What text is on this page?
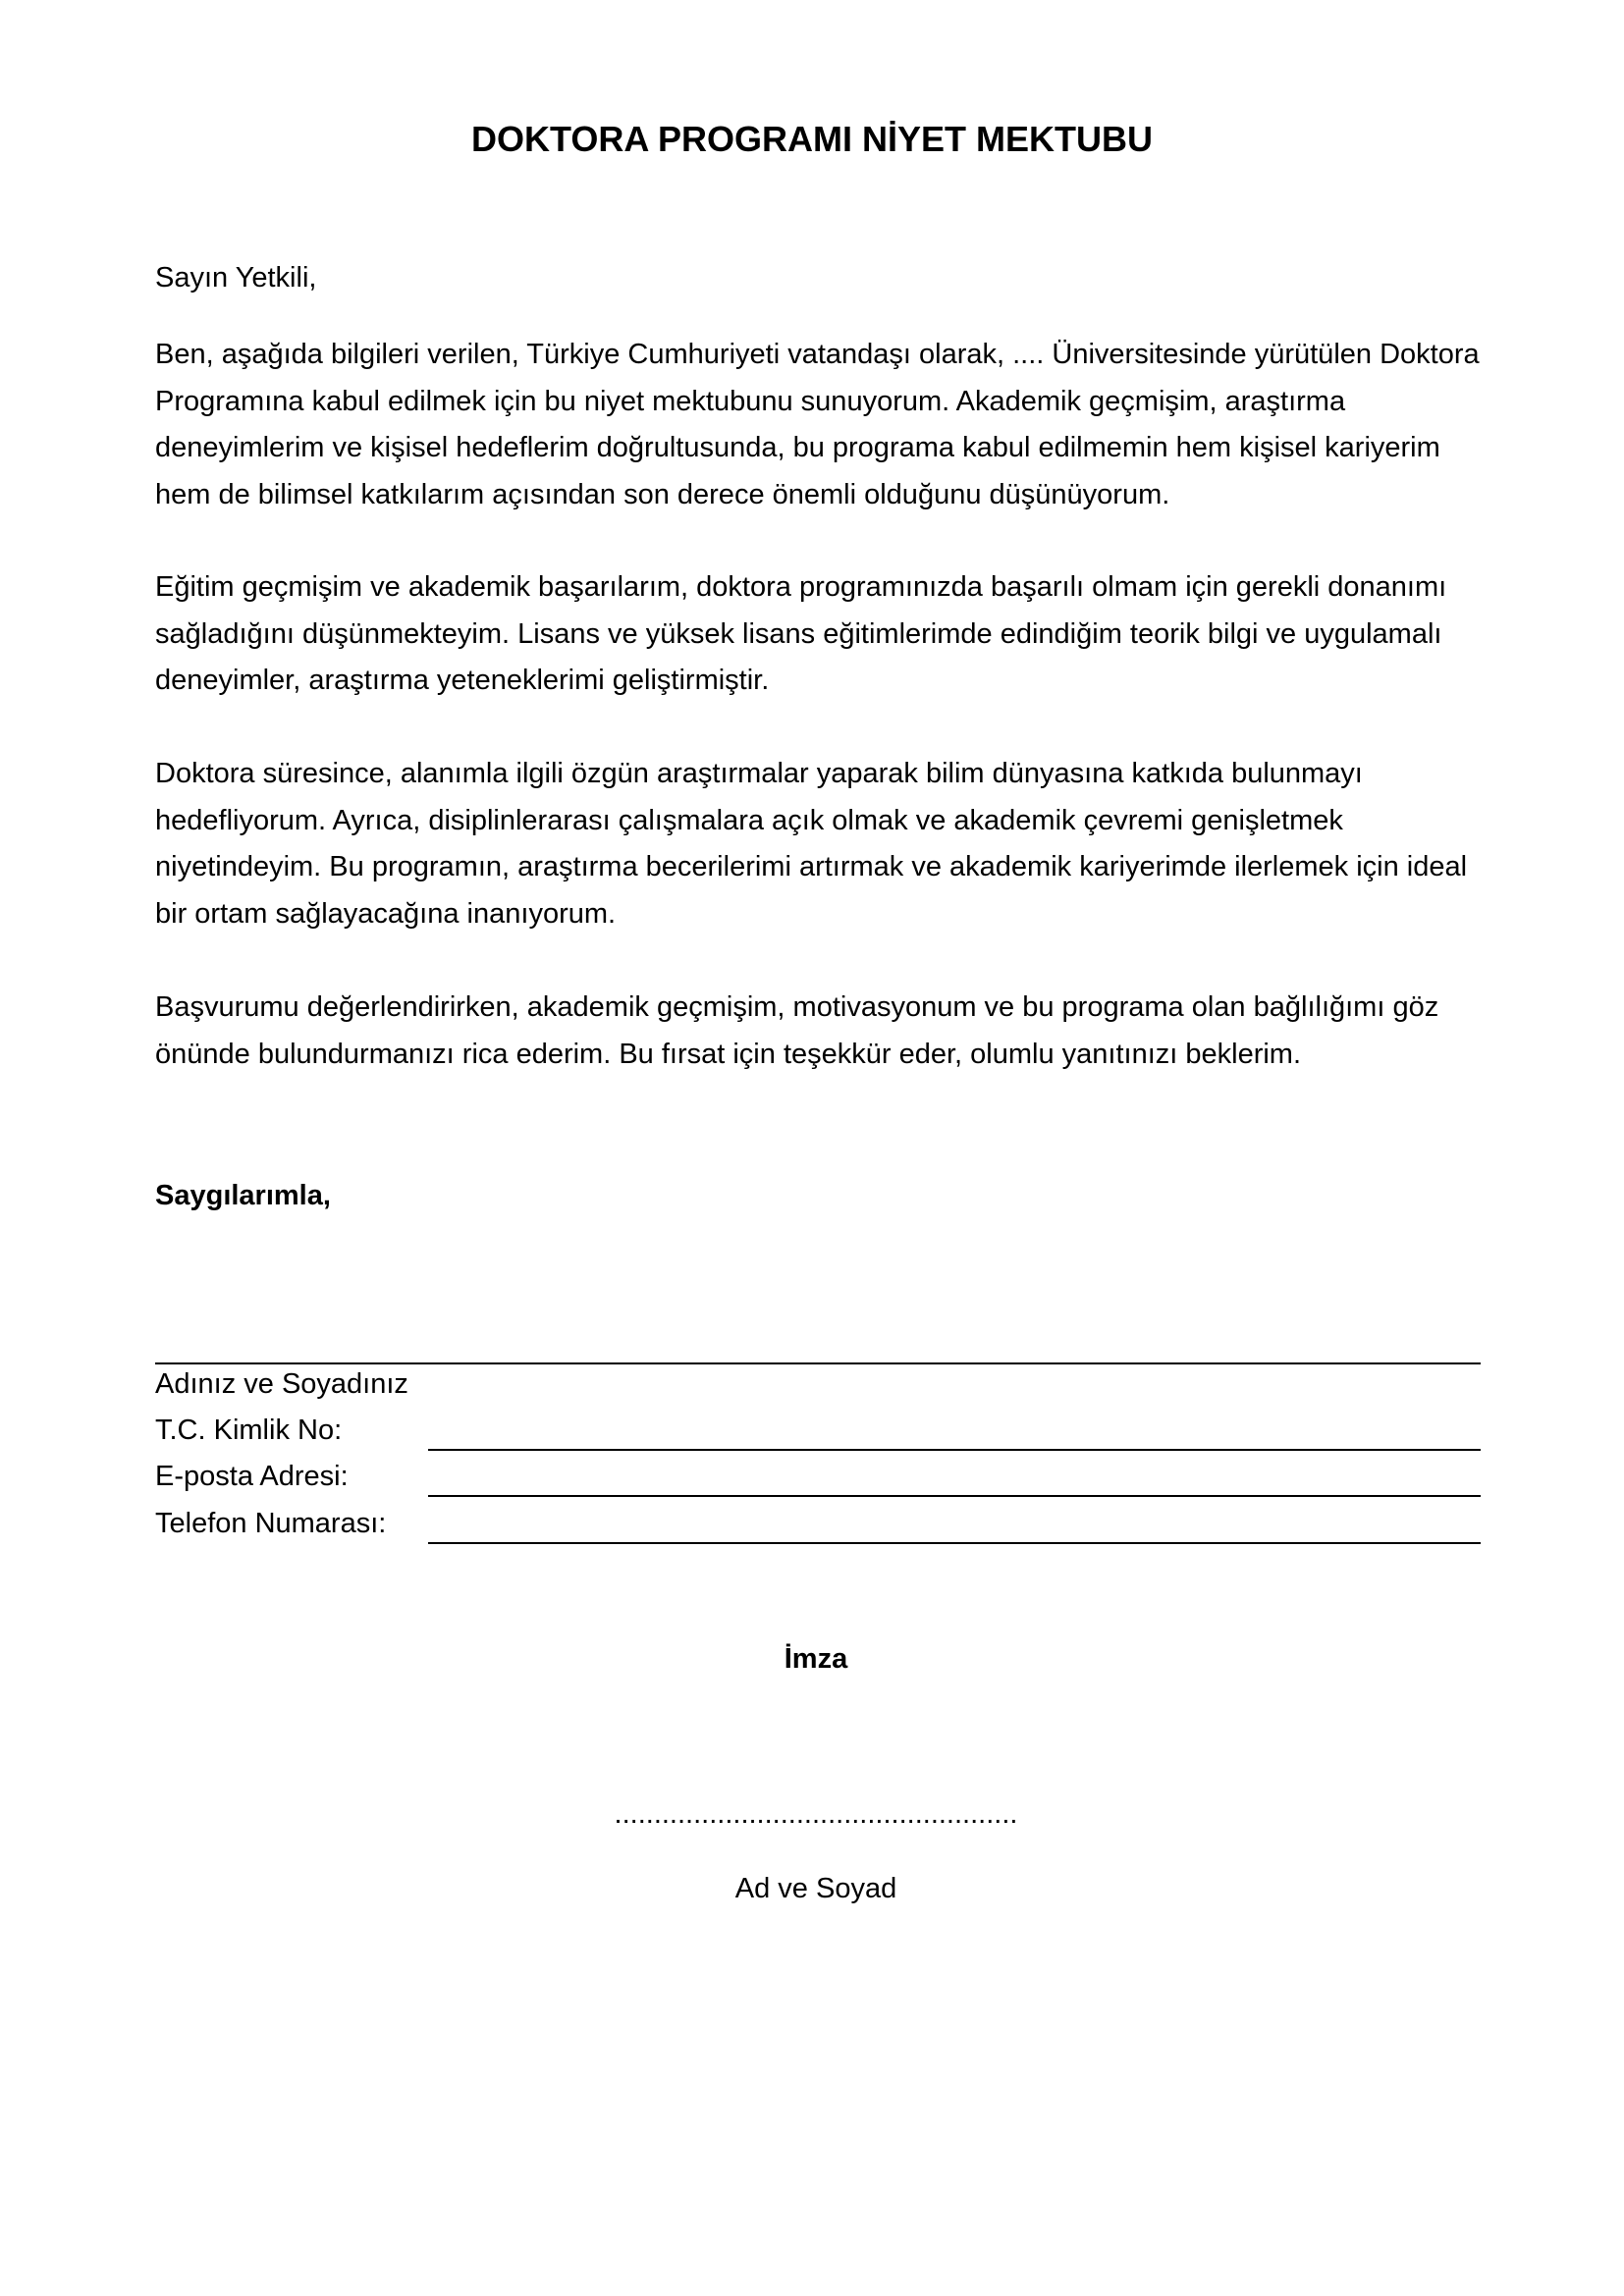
DOKTORA PROGRAMI NİYET MEKTUBU

Sayın Yetkili,

Ben, aşağıda bilgileri verilen, Türkiye Cumhuriyeti vatandaşı olarak, .... Üniversitesinde yürütülen Doktora Programına kabul edilmek için bu niyet mektubunu sunuyorum. Akademik geçmişim, araştırma deneyimlerim ve kişisel hedeflerim doğrultusunda, bu programa kabul edilmemin hem kişisel kariyerim hem de bilimsel katkılarım açısından son derece önemli olduğunu düşünüyorum.

Eğitim geçmişim ve akademik başarılarım, doktora programınızda başarılı olmam için gerekli donanımı sağladığını düşünmekteyim. Lisans ve yüksek lisans eğitimlerimde edindiğim teorik bilgi ve uygulamalı deneyimler, araştırma yeteneklerimi geliştirmiştir.

Doktora süresince, alanımla ilgili özgün araştırmalar yaparak bilim dünyasına katkıda bulunmayı hedefliyorum. Ayrıca, disiplinlerarası çalışmalara açık olmak ve akademik çevremi genişletmek niyetindeyim. Bu programın, araştırma becerilerimi artırmak ve akademik kariyerimde ilerlemek için ideal bir ortam sağlayacağına inanıyorum.

Başvurumu değerlendirirken, akademik geçmişim, motivasyonum ve bu programa olan bağlılığımı göz önünde bulundurmanızı rica ederim. Bu fırsat için teşekkür eder, olumlu yanıtınızı beklerim.

Saygılarımla,

Adınız ve Soyadınız

T.C. Kimlik No:

E-posta Adresi:

Telefon Numarası:

İmza

...................................................

Ad ve Soyad
